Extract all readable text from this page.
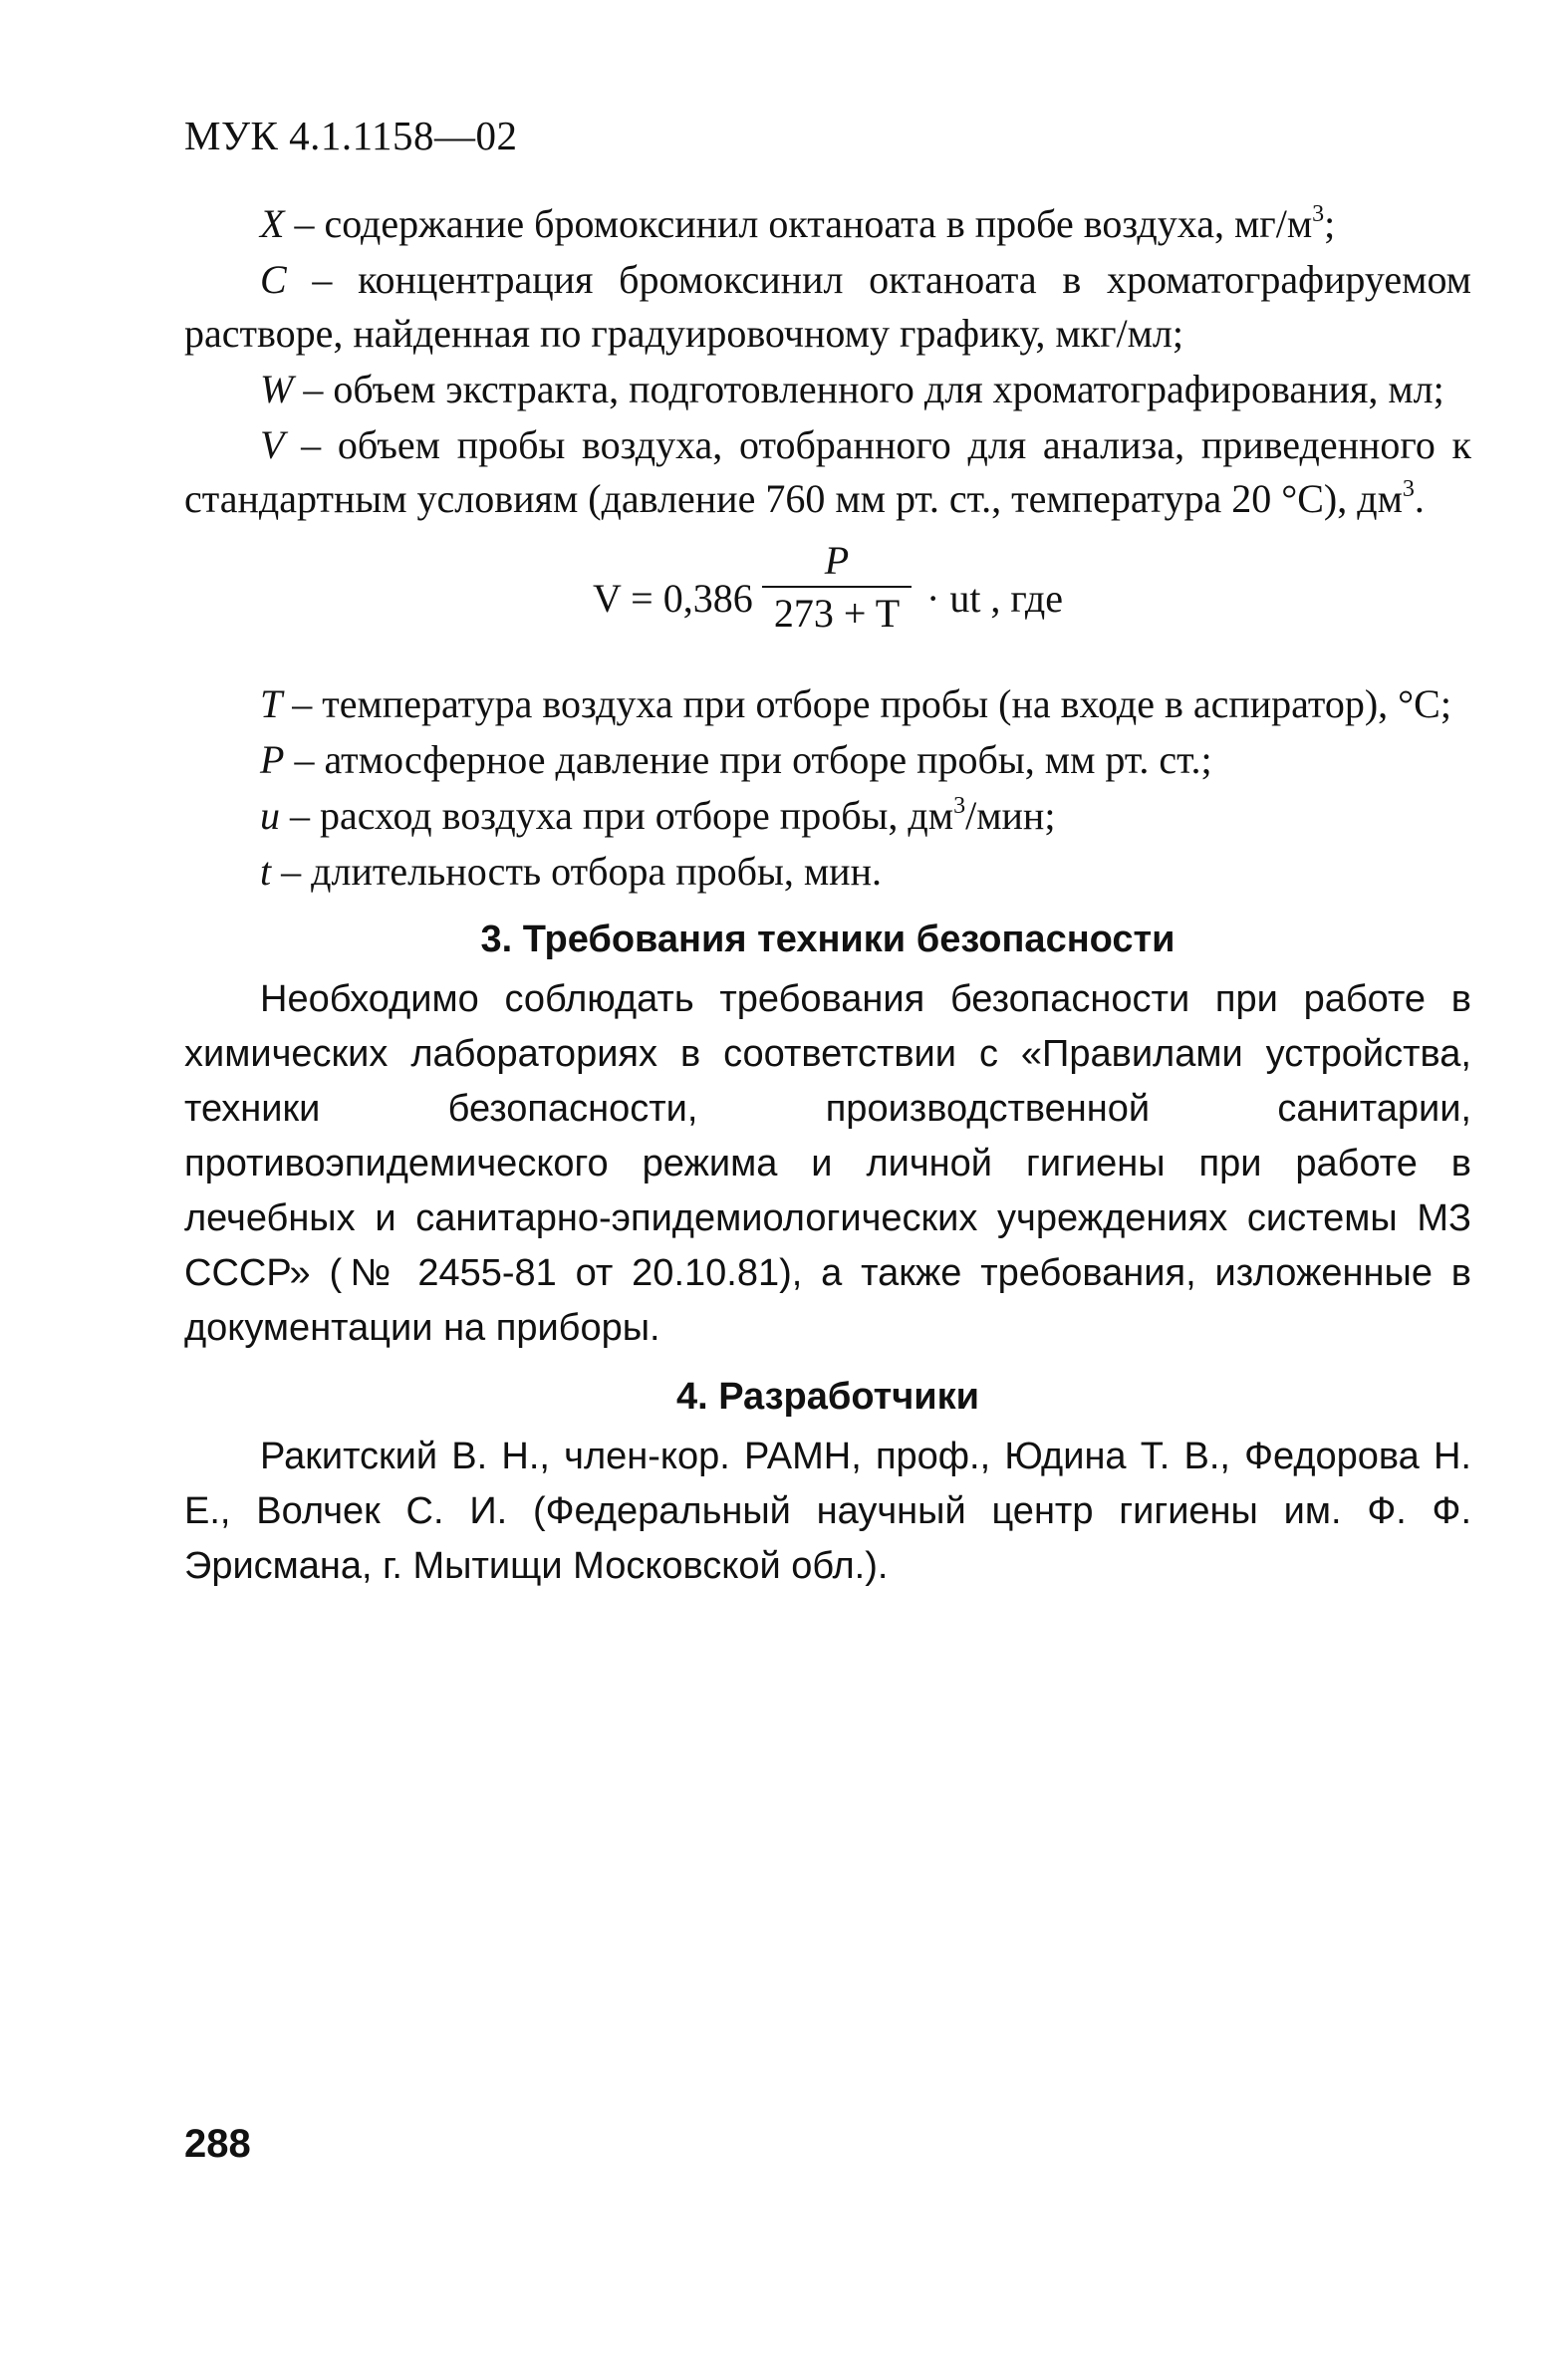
МУК 4.1.1158—02

X – содержание бромоксинил октаноата в пробе воздуха, $мг/м^3$;

C – концентрация бромоксинил октаноата в хроматографируемом растворе, найденная по градуировочному графику, мкг/мл;

W – объем экстракта, подготовленного для хроматографирования, мл;

V – объем пробы воздуха, отобранного для анализа, приведенного к стандартным условиям (давление 760 мм рт. ст., температура 20 °С), $дм^3$.

V = 0,386
P
273 + T · ut , где

T – температура воздуха при отборе пробы (на входе в аспиратор), °С;

P – атмосферное давление при отборе пробы, мм рт. ст.;

u – расход воздуха при отборе пробы, $дм^3$/мин;

t – длительность отбора пробы, мин.

3. Требования техники безопасности

Необходимо соблюдать требования безопасности при работе в химических лабораториях в соответствии с «Правилами устройства, техники безопасности, производственной санитарии, противоэпидемического режима и личной гигиены при работе в лечебных и санитарно-эпидемиологических учреждениях системы МЗ СССР» (№ 2455-81 от 20.10.81), а также требования, изложенные в документации на приборы.

4. Разработчики

Ракитский В. Н., член-кор. РАМН, проф., Юдина Т. В., Федорова Н. Е., Волчек С. И. (Федеральный научный центр гигиены им. Ф. Ф. Эрисмана, г. Мытищи Московской обл.).

288
